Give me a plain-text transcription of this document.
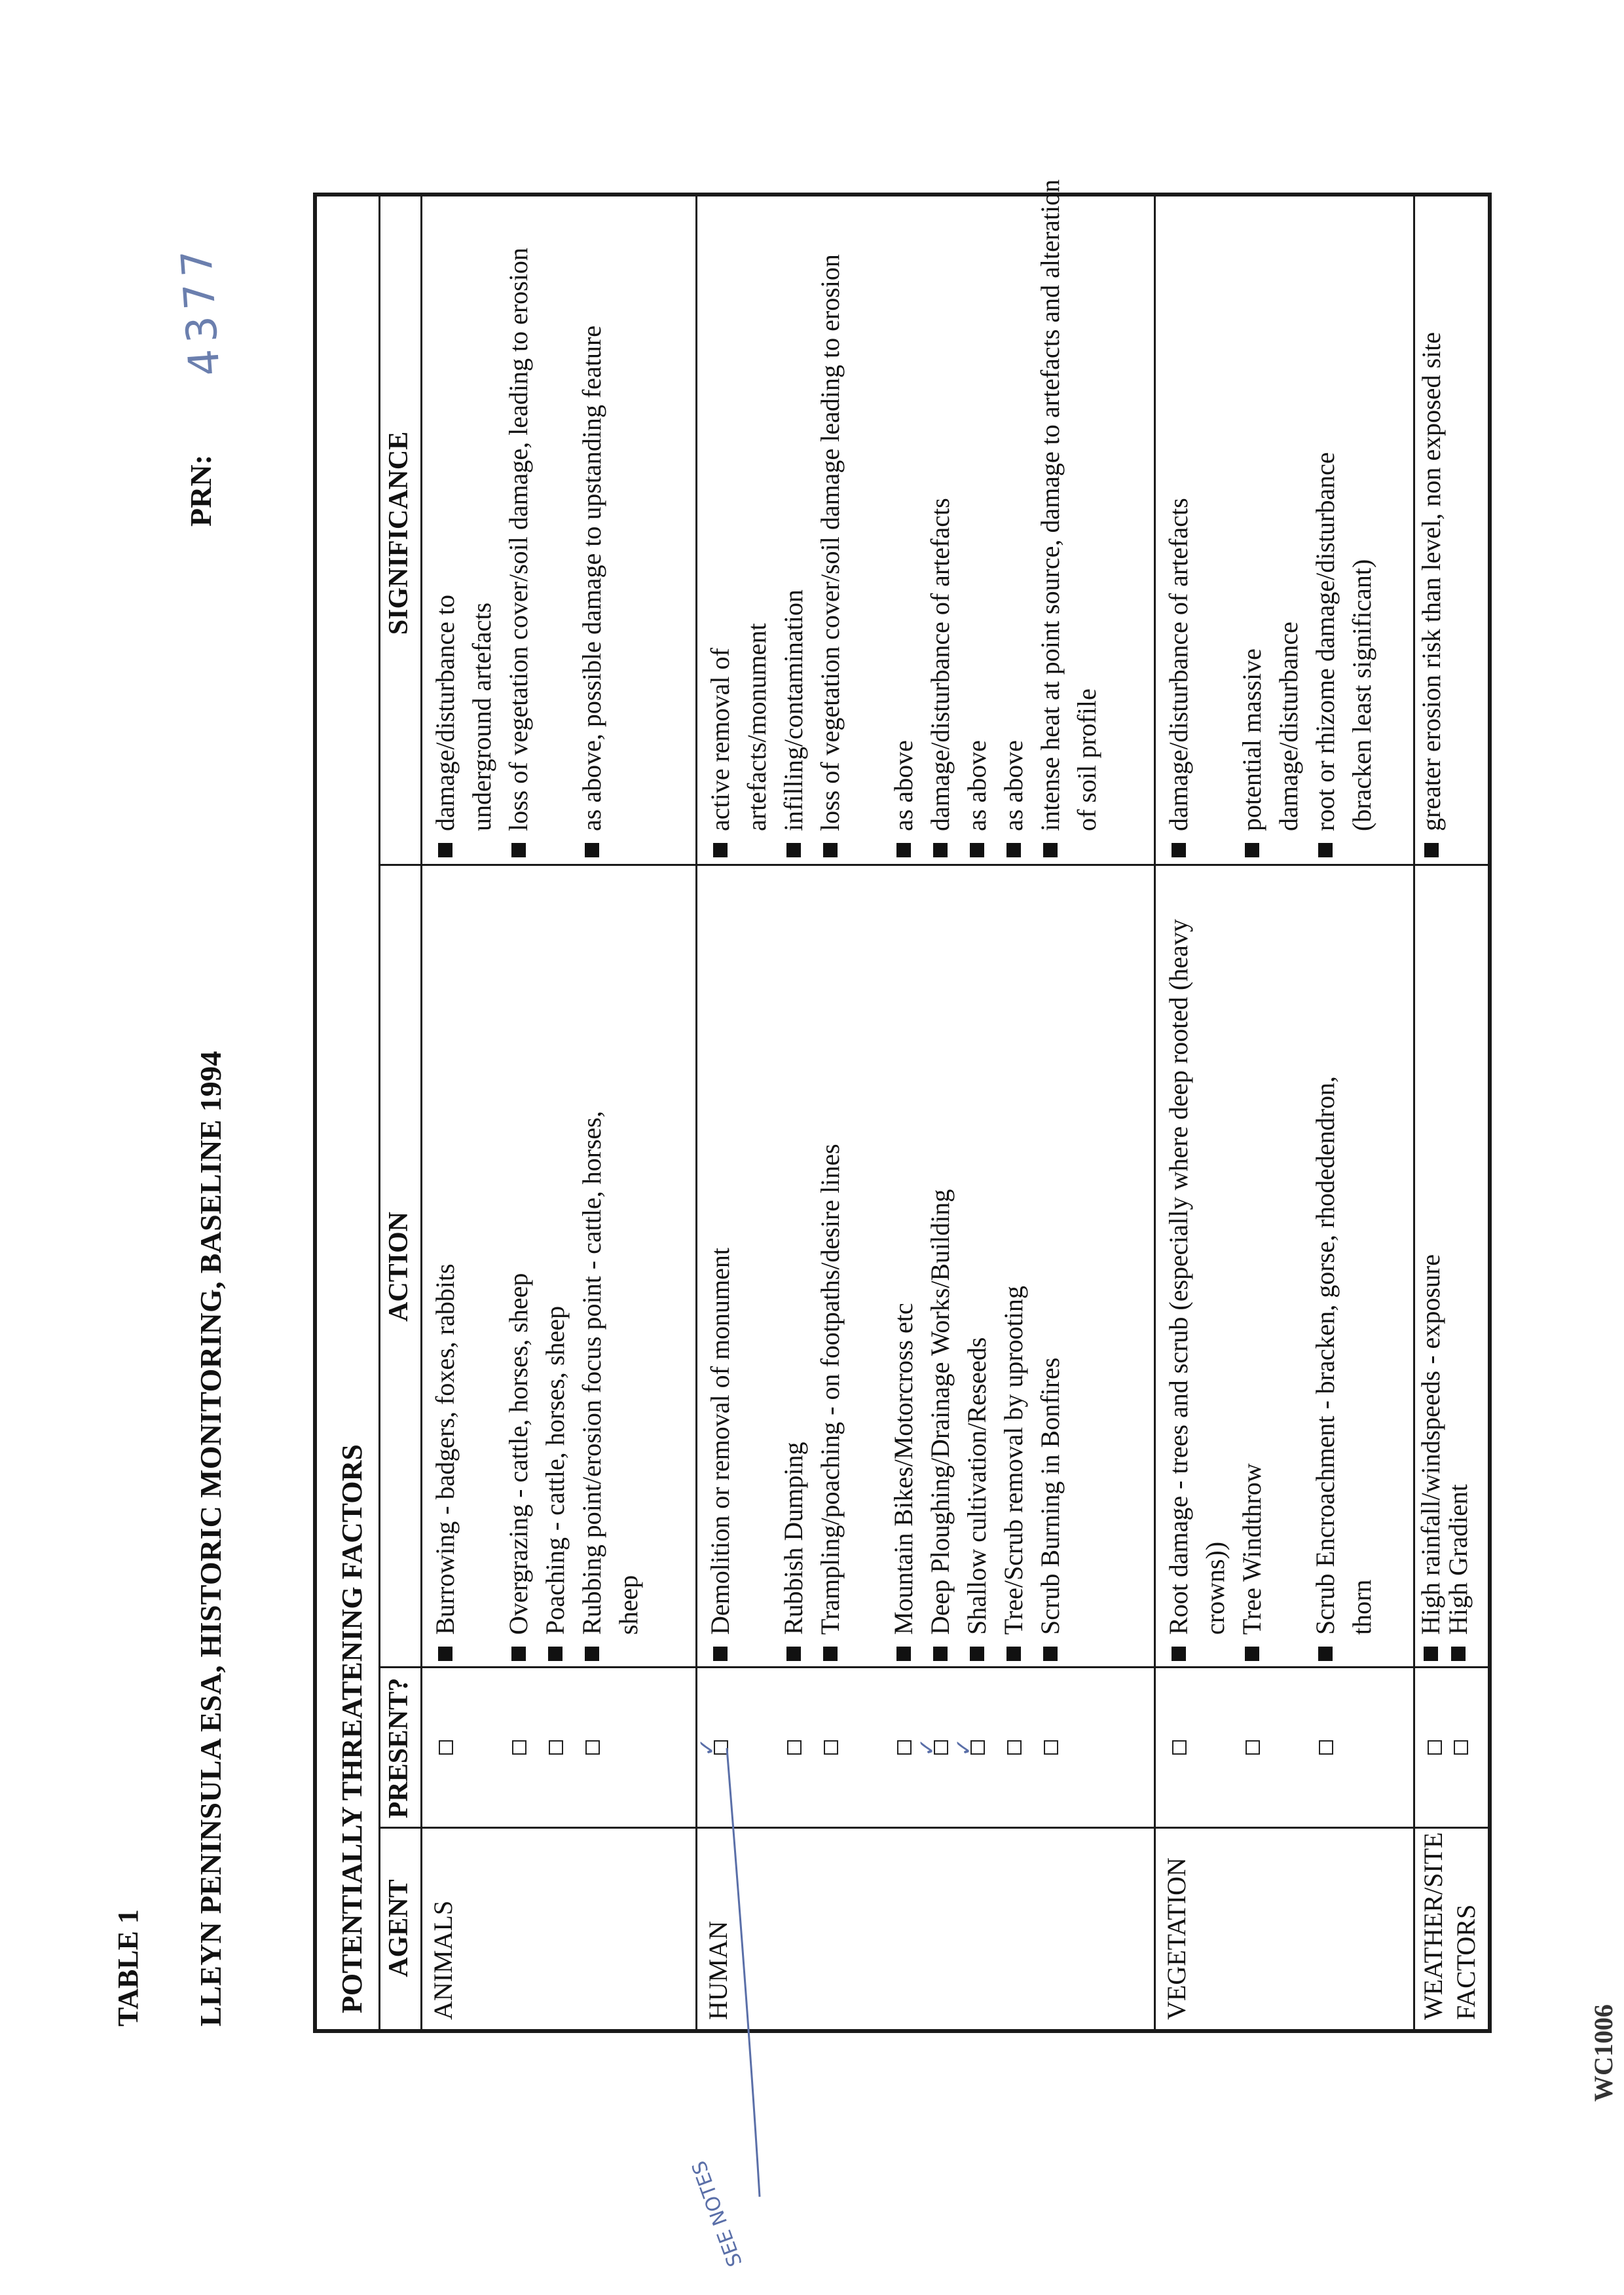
TABLE 1 LLEYN PENINSULA ESA, HISTORIC MONITORING, BASELINE 1994
PRN:
4377
POTENTIALLY THREATENING FACTORS AGENT
PRESENT?
ACTION
SIGNIFICANCE
ANIMALS
Burrowing - badgers, foxes, rabbits Overgrazing - cattle, horses, sheep Poaching - cattle, horses, sheep Rubbing point/erosion focus point - cattle, horses, sheep
damage/disturbance to underground artefacts loss of vegetation cover/soil damage, leading to erosion as above, possible damage to upstanding feature
HUMAN
✓	✓ ✓
Demolition or removal of monument Rubbish Dumping Trampling/poaching - on footpaths/desire lines Mountain Bikes/Motorcross etc Deep Ploughing/Drainage Works/Building Shallow cultivation/Reseeds Tree/Scrub removal by uprooting Scrub Burning in Bonfires
active removal of artefacts/monument infilling/contamination loss of vegetation cover/soil damage leading to erosion as above damage/disturbance of artefacts as above as above intense heat at point source, damage to artefacts and alteration of soil profile
VEGETATION
Root damage - trees and scrub (especially where deep rooted (heavy crowns)) Tree Windthrow Scrub Encroachment - bracken, gorse, rhodedendron, thorn
damage/disturbance of artefacts potential massive damage/disturbance root or rhizome damage/disturbance (bracken least significant)
WEATHER/SITE FACTORS
High rainfall/windspeeds - exposure
High Gradient
greater erosion risk than level, non exposed site
SEE NOTES
WC1006
